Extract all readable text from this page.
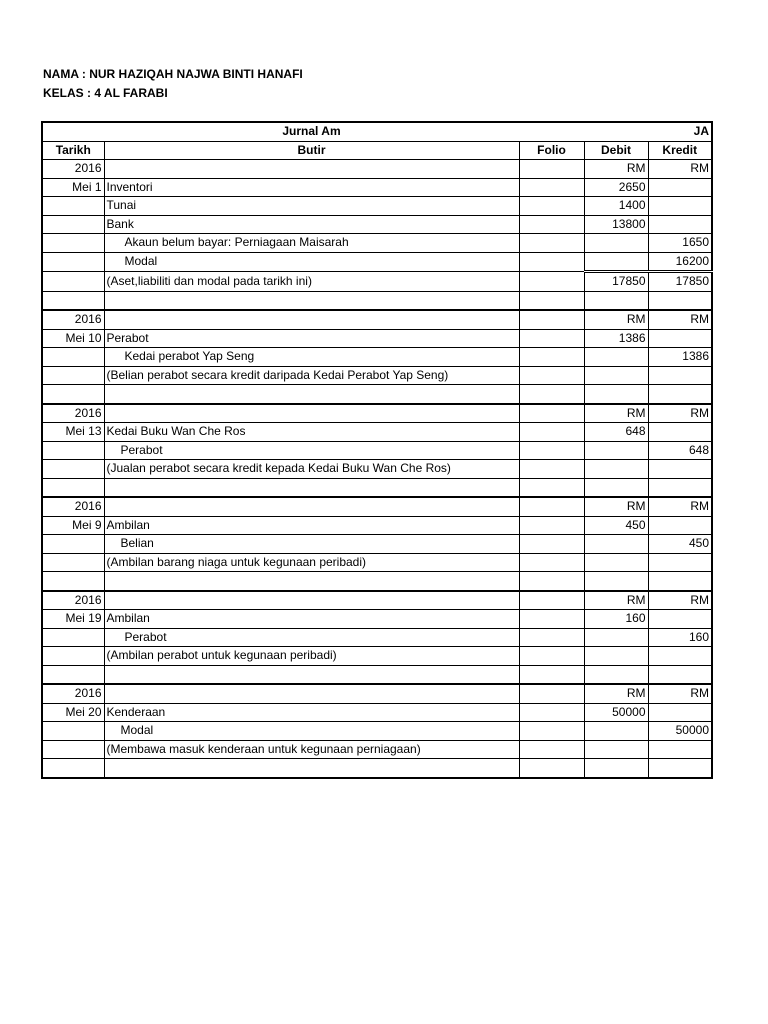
NAMA : NUR HAZIQAH NAJWA BINTI HANAFI
KELAS : 4 AL FARABI
	Jurnal Am			JA
Tarikh	Butir	Folio	Debit	Kredit
2016			RM	RM
Mei 1	Inventori		2650	
	Tunai		1400	
	Bank		13800	
	Akaun belum bayar: Perniagaan Maisarah			1650
	Modal			16200
	(Aset,liabiliti dan modal pada tarikh ini)		17850	17850

2016			RM	RM
Mei 10	Perabot		1386	
	Kedai perabot Yap Seng			1386
	(Belian perabot secara kredit daripada Kedai Perabot Yap Seng)			

2016			RM	RM
Mei 13	Kedai Buku Wan Che Ros		648	
	Perabot			648
	(Jualan perabot secara kredit kepada Kedai Buku Wan Che Ros)			

2016			RM	RM
Mei 9	Ambilan		450	
	Belian			450
	(Ambilan barang niaga untuk kegunaan peribadi)			

2016			RM	RM
Mei 19	Ambilan		160	
	Perabot			160
	(Ambilan perabot untuk kegunaan peribadi)			

2016			RM	RM
Mei 20	Kenderaan		50000	
	Modal			50000
	(Membawa masuk kenderaan untuk kegunaan perniagaan)			
